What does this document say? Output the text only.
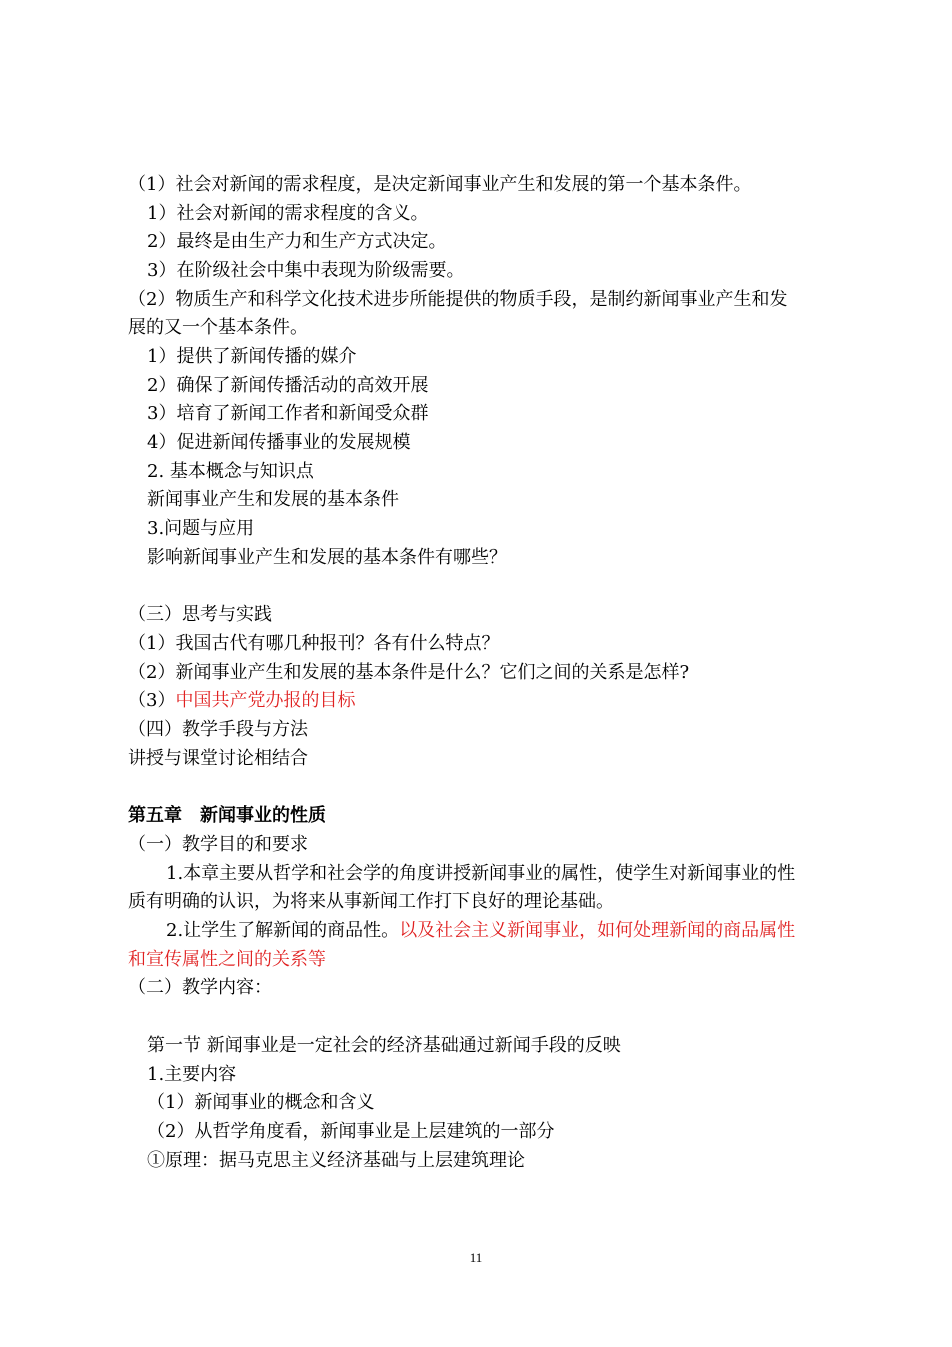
（1）社会对新闻的需求程度，是决定新闻事业产生和发展的第一个基本条件。
1）社会对新闻的需求程度的含义。
2）最终是由生产力和生产方式决定。
3）在阶级社会中集中表现为阶级需要。
（2）物质生产和科学文化技术进步所能提供的物质手段，是制约新闻事业产生和发
展的又一个基本条件。
1）提供了新闻传播的媒介
2）确保了新闻传播活动的高效开展
3）培育了新闻工作者和新闻受众群
4）促进新闻传播事业的发展规模
2. 基本概念与知识点
新闻事业产生和发展的基本条件
3.问题与应用
影响新闻事业产生和发展的基本条件有哪些？
（三）思考与实践
（1）我国古代有哪几种报刊？各有什么特点？
（2）新闻事业产生和发展的基本条件是什么？它们之间的关系是怎样?
（3）中国共产党办报的目标
（四）教学手段与方法
讲授与课堂讨论相结合
第五章　新闻事业的性质
（一）教学目的和要求
1.本章主要从哲学和社会学的角度讲授新闻事业的属性，使学生对新闻事业的性
质有明确的认识，为将来从事新闻工作打下良好的理论基础。
2.让学生了解新闻的商品性。以及社会主义新闻事业，如何处理新闻的商品属性
和宣传属性之间的关系等
（二）教学内容：
第一节 新闻事业是一定社会的经济基础通过新闻手段的反映
1.主要内容
（1）新闻事业的概念和含义
（2）从哲学角度看，新闻事业是上层建筑的一部分
①原理：据马克思主义经济基础与上层建筑理论
11
